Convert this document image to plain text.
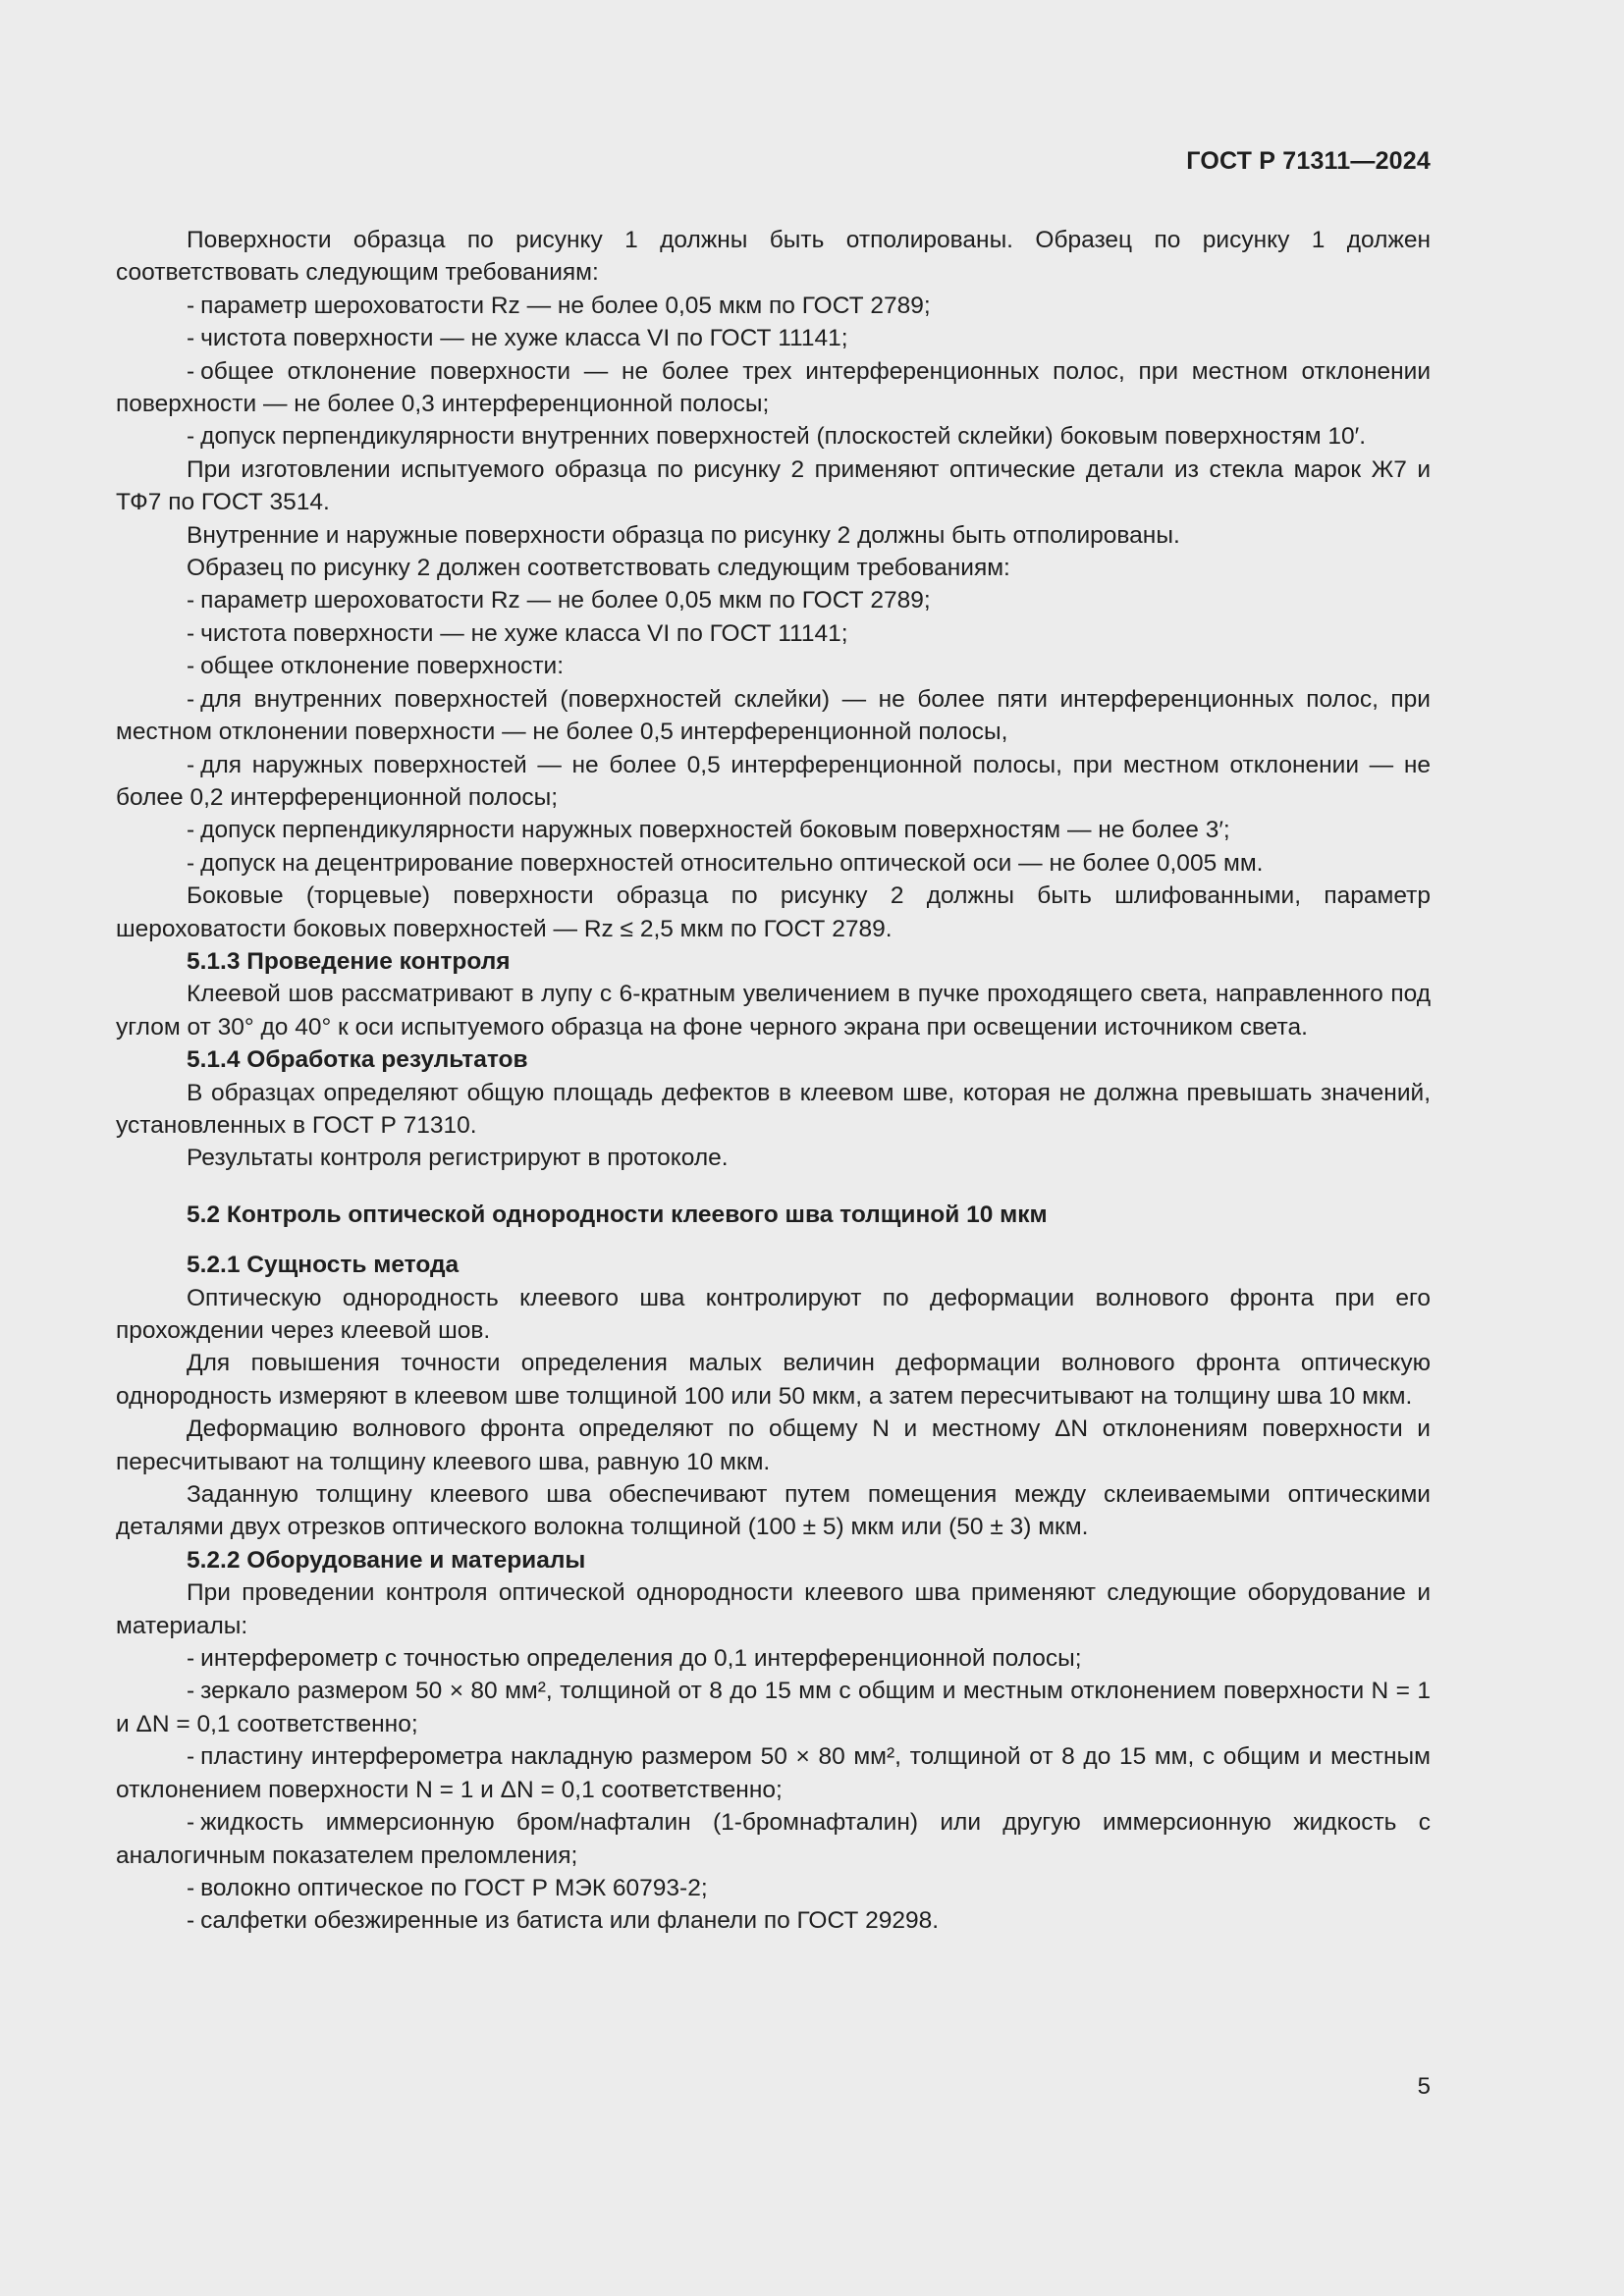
ГОСТ Р 71311—2024

Поверхности образца по рисунку 1 должны быть отполированы. Образец по рисунку 1 должен соответствовать следующим требованиям:

- параметр шероховатости Rz — не более 0,05 мкм по ГОСТ 2789;

- чистота поверхности — не хуже класса VI по ГОСТ 11141;

- общее отклонение поверхности — не более трех интерференционных полос, при местном отклонении поверхности — не более 0,3 интерференционной полосы;

- допуск перпендикулярности внутренних поверхностей (плоскостей склейки) боковым поверхностям 10′.

При изготовлении испытуемого образца по рисунку 2 применяют оптические детали из стекла марок Ж7 и ТФ7 по ГОСТ 3514.

Внутренние и наружные поверхности образца по рисунку 2 должны быть отполированы.

Образец по рисунку 2 должен соответствовать следующим требованиям:

- параметр шероховатости Rz — не более 0,05 мкм по ГОСТ 2789;

- чистота поверхности — не хуже класса VI по ГОСТ 11141;

- общее отклонение поверхности:

- для внутренних поверхностей (поверхностей склейки) — не более пяти интерференционных полос, при местном отклонении поверхности — не более 0,5 интерференционной полосы,

- для наружных поверхностей — не более 0,5 интерференционной полосы, при местном отклонении — не более 0,2 интерференционной полосы;

- допуск перпендикулярности наружных поверхностей боковым поверхностям — не более 3′;

- допуск на децентрирование поверхностей относительно оптической оси — не более 0,005 мм.

Боковые (торцевые) поверхности образца по рисунку 2 должны быть шлифованными, параметр шероховатости боковых поверхностей — Rz ≤ 2,5 мкм по ГОСТ 2789.

5.1.3 Проведение контроля

Клеевой шов рассматривают в лупу с 6-кратным увеличением в пучке проходящего света, направленного под углом от 30° до 40° к оси испытуемого образца на фоне черного экрана при освещении источником света.

5.1.4 Обработка результатов

В образцах определяют общую площадь дефектов в клеевом шве, которая не должна превышать значений, установленных в ГОСТ Р 71310.

Результаты контроля регистрируют в протоколе.

5.2 Контроль оптической однородности клеевого шва толщиной 10 мкм

5.2.1 Сущность метода

Оптическую однородность клеевого шва контролируют по деформации волнового фронта при его прохождении через клеевой шов.

Для повышения точности определения малых величин деформации волнового фронта оптическую однородность измеряют в клеевом шве толщиной 100 или 50 мкм, а затем пересчитывают на толщину шва 10 мкм.

Деформацию волнового фронта определяют по общему N и местному ΔN отклонениям поверхности и пересчитывают на толщину клеевого шва, равную 10 мкм.

Заданную толщину клеевого шва обеспечивают путем помещения между склеиваемыми оптическими деталями двух отрезков оптического волокна толщиной (100 ± 5) мкм или (50 ± 3) мкм.

5.2.2 Оборудование и материалы

При проведении контроля оптической однородности клеевого шва применяют следующие оборудование и материалы:

- интерферометр с точностью определения до 0,1 интерференционной полосы;

- зеркало размером 50 × 80 мм², толщиной от 8 до 15 мм с общим и местным отклонением поверхности N = 1 и ΔN = 0,1 соответственно;

- пластину интерферометра накладную размером 50 × 80 мм², толщиной от 8 до 15 мм, с общим и местным отклонением поверхности N = 1 и ΔN = 0,1 соответственно;

- жидкость иммерсионную бром/нафталин (1-бромнафталин) или другую иммерсионную жидкость с аналогичным показателем преломления;

- волокно оптическое по ГОСТ Р МЭК 60793-2;

- салфетки обезжиренные из батиста или фланели по ГОСТ 29298.

5
